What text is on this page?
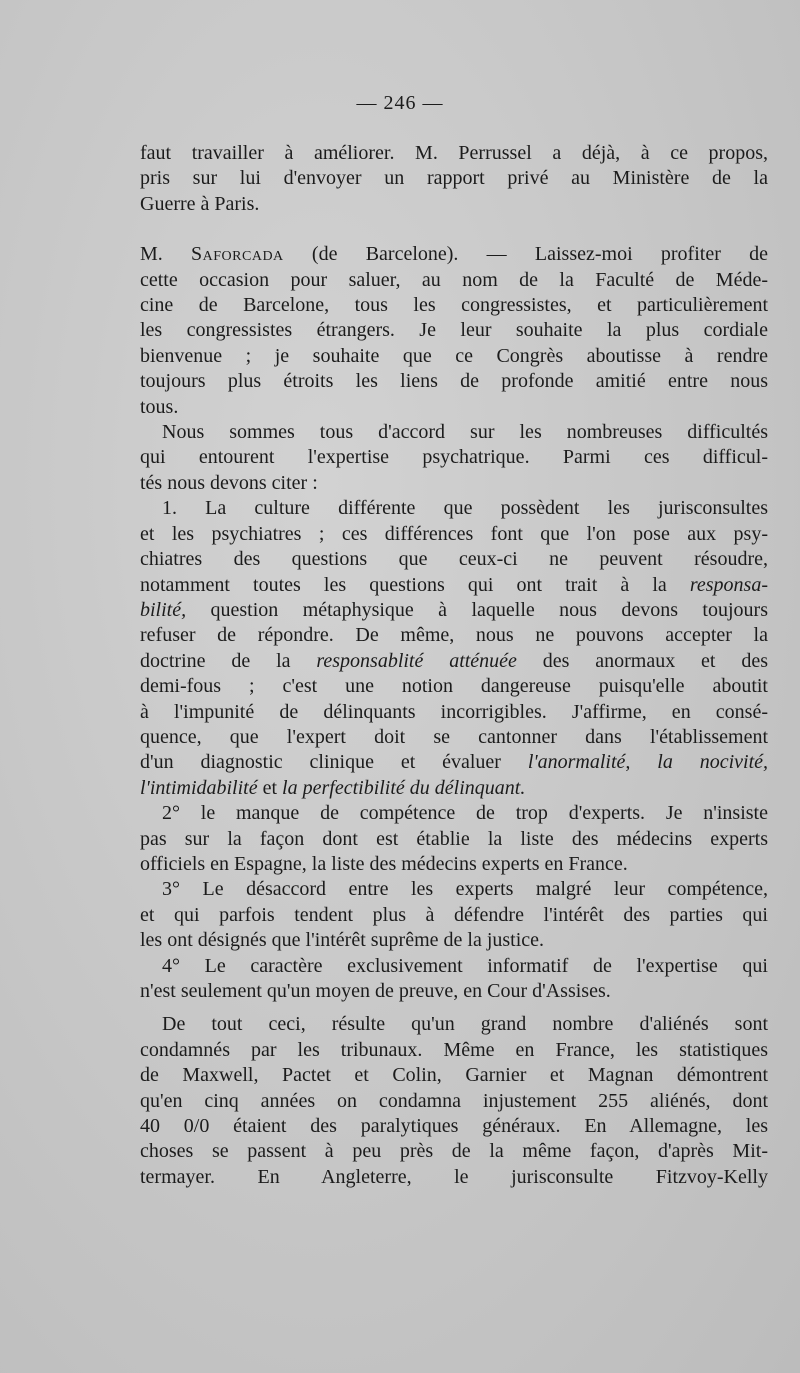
— 246 —

faut travailler à améliorer. M. Perrussel a déjà, à ce propos,

pris sur lui d'envoyer un rapport privé au Ministère de la

Guerre à Paris.

M. Saforcada (de Barcelone). — Laissez-moi profiter de

cette occasion pour saluer, au nom de la Faculté de Méde-

cine de Barcelone, tous les congressistes, et particulièrement

les congressistes étrangers. Je leur souhaite la plus cordiale

bienvenue ; je souhaite que ce Congrès aboutisse à rendre

toujours plus étroits les liens de profonde amitié entre nous

tous.

Nous sommes tous d'accord sur les nombreuses difficultés

qui entourent l'expertise psychatrique. Parmi ces difficul-

tés nous devons citer :

1. La culture différente que possèdent les jurisconsultes

et les psychiatres ; ces différences font que l'on pose aux psy-

chiatres des questions que ceux-ci ne peuvent résoudre,

notamment toutes les questions qui ont trait à la responsa-

bilité, question métaphysique à laquelle nous devons toujours

refuser de répondre. De même, nous ne pouvons accepter la

doctrine de la responsablité atténuée des anormaux et des

demi-fous ; c'est une notion dangereuse puisqu'elle aboutit

à l'impunité de délinquants incorrigibles. J'affirme, en consé-

quence, que l'expert doit se cantonner dans l'établissement

d'un diagnostic clinique et évaluer l'anormalité, la nocivité,

l'intimidabilité et la perfectibilité du délinquant.

2° le manque de compétence de trop d'experts. Je n'insiste

pas sur la façon dont est établie la liste des médecins experts

officiels en Espagne, la liste des médecins experts en France.

3° Le désaccord entre les experts malgré leur compétence,

et qui parfois tendent plus à défendre l'intérêt des parties qui

les ont désignés que l'intérêt suprême de la justice.

4° Le caractère exclusivement informatif de l'expertise qui

n'est seulement qu'un moyen de preuve, en Cour d'Assises.

De tout ceci, résulte qu'un grand nombre d'aliénés sont

condamnés par les tribunaux. Même en France, les statistiques

de Maxwell, Pactet et Colin, Garnier et Magnan démontrent

qu'en cinq années on condamna injustement 255 aliénés, dont

40 0/0 étaient des paralytiques généraux. En Allemagne, les

choses se passent à peu près de la même façon, d'après Mit-

termayer. En Angleterre, le jurisconsulte Fitzvoy-Kelly
